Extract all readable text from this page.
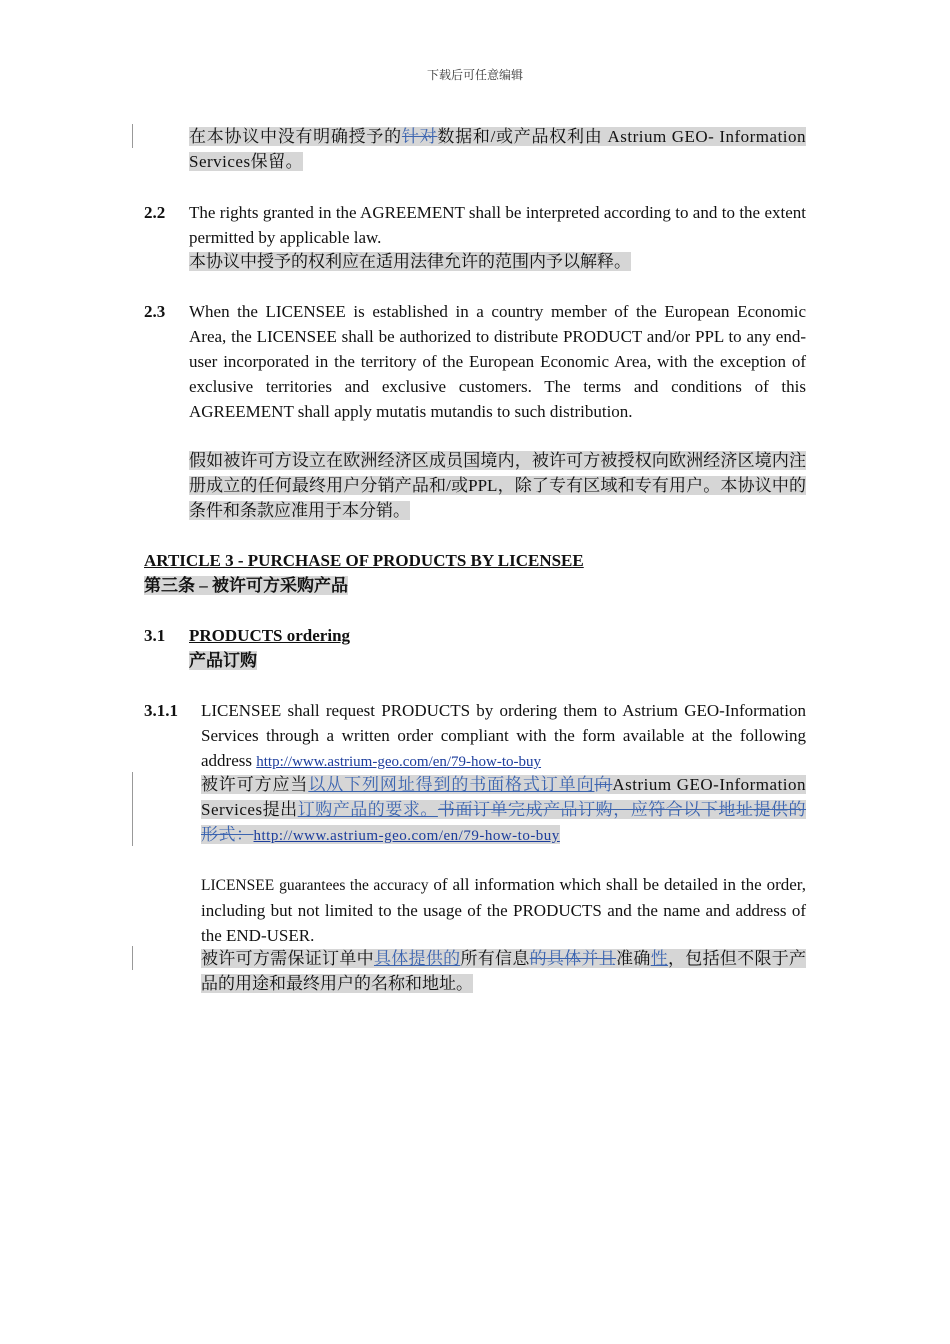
下载后可任意编辑
在本协议中没有明确授予的针对数据和/或产品权利由 Astrium GEO- Information Services保留。
2.2 The rights granted in the AGREEMENT shall be interpreted according to and to the extent permitted by applicable law.
本协议中授予的权利应在适用法律允许的范围内予以解释。
2.3 When the LICENSEE is established in a country member of the European Economic Area, the LICENSEE shall be authorized to distribute PRODUCT and/or PPL to any end-user incorporated in the territory of the European Economic Area, with the exception of exclusive territories and exclusive customers. The terms and conditions of this AGREEMENT shall apply mutatis mutandis to such distribution.
假如被许可方设立在欧洲经济区成员国境内，被许可方被授权向欧洲经济区境内注册成立的任何最终用户分销产品和/或PPL，除了专有区域和专有用户。本协议中的条件和条款应准用于本分销。
ARTICLE 3 - PURCHASE OF PRODUCTS BY LICENSEE
第三条 – 被许可方采购产品
3.1 PRODUCTS ordering
产品订购
3.1.1 LICENSEE shall request PRODUCTS by ordering them to Astrium GEO-Information Services through a written order compliant with the form available at the following address http://www.astrium-geo.com/en/79-how-to-buy
被许可方应当以从下列网址得到的书面格式订单向向Astrium GEO-Information Services提出订购产品的要求。书面订单完成产品订购，应符合以下地址提供的形式：http://www.astrium-geo.com/en/79-how-to-buy
LICENSEE guarantees the accuracy of all information which shall be detailed in the order, including but not limited to the usage of the PRODUCTS and the name and address of the END-USER.
被许可方需保证订单中具体提供的所有信息的具体并且准确性，包括但不限于产品的用途和最终用户的名称和地址。
